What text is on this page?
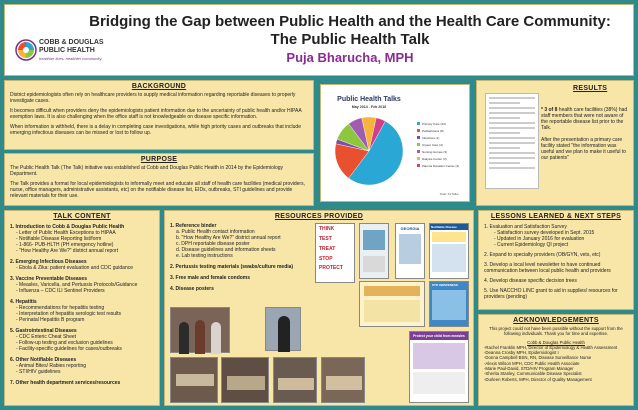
COBB & DOUGLAS
PUBLIC HEALTH
healthier lives. healthier community.
Bridging the Gap between Public Health and the Health Care Community:
The Public Health Talk
Puja Bharucha, MPH
BACKGROUND

District epidemiologists often rely on healthcare providers to supply medical information regarding reportable diseases to properly investigate cases.

It becomes difficult when providers deny the epidemiologists patient information due to the uncertainty of public health and/or HIPAA exemption laws. It is also challenging when the office staff is not knowledgeable on disease specific information.

When information is withheld, there is a delay in completing case investigations, while high priority cases and outbreaks that include emerging infectious diseases can be missed or lost to follow up.

PURPOSE

The Public Health Talk (The Talk) initiative was established at Cobb and Douglas Public Health in 2014 by the Epidemiology Department.

The Talk provides a format for local epidemiologists to informally meet and educate all staff of health care facilities (medical providers, nurse, office managers, administrative assistants, etc) on the notifiable disease list, EIDs, outbreaks, STI guidelines and provide relevant materials for their use.

Public Health Talks
May 2014 - Feb 2016
Primary Care (23)
Pediatricians (8)
Infectious (1)
Urgent Care (4)
Nursing Homes (3)
Dialysis Center (3)
Plasma Donation Center (2)
Total: 44 Talks
RESULTS

* 3 of 8 health care facilities (38%) had staff members that were not aware of the reportable disease list prior to the Talk.

After the presentation a primary care facility stated "the information was useful and we plan to make it useful to our patients"

TALK CONTENT
1. Introduction to Cobb & Douglas Public Health
- Letter of Public Health Exceptions to HIPAA
- Notifiable Disease Reporting list/form
- 1-866- PUB-HLTH (PH emergency hotline)
- "How Healthy Are We?" district annual report
2. Emerging Infectious Diseases
- Ebola & Zika: patient evaluation and CDC guidance
3. Vaccine Preventable Diseases
- Measles, Varicella, and Pertussis Protocols/Guidance
- Influenza – CDC ILI Sentinel Providers
4. Hepatitis
- Recommendations for hepatitis testing
- Interpretation of hepatitis serologic test results
- Perinatal Hepatitis B program
5. Gastrointestinal Diseases
- CDC Enteric Cheat Sheet
- Follow-up testing and exclusion guidelines
- Facility-specific guidelines for cases/outbreaks
6. Other Notifiable Diseases
- Animal Bites/ Rabies reporting
- STI/HIV guidelines
7. Other health department services/resources
RESOURCES PROVIDED
1. Reference binder
a. Public Health contact information
b. "How Healthy Are We?" district annual report
c. DPH reportable disease poster
d. Disease guidelines and information sheets
e. Lab testing instructions
2. Pertussis testing materials (swabs/culture media)
3. Free male and female condoms
4. Disease posters
THINK
TEST
TREAT
STOP
PROTECT
GEORGIA	Notifiable Disease
STD AWARENESS
Protect your child from measles
LESSONS LEARNED & NEXT STEPS
1. Evaluation and Satisfaction Survey
- Satisfaction survey developed in Sept. 2015
- Updated in January 2016 for evaluation
- Current Epidemiology QI project
2. Expand to specialty providers (OB/GYN, vets, etc)
3. Develop a local level newsletter to have continued communication between local public health and providers
4. Develop disease specific decision trees
5. Use NACCHO LINC grant to aid in supplies/ resources for providers (pending)
ACKNOWLEDGEMENTS
This project could not have been possible without the support from the following individuals. Thank you for time and expertise.
Cobb & Douglas Public Health
-Rachel Franklin MPH, Director of Epidemiology & Health Assessment
-Deanna Crosby MPH, Epidemiologist I
-Donna Campbell BSN, RN, Disease Surveillance Nurse
-Alexis Wilson MPH, CDC Public Health Associate
-Marie Paul-David, STD/HIV Program Manager
-Sherita Stanley, Communicable Disease Specialist
-Durleen Roberts, MPH, Director of Quality Management
